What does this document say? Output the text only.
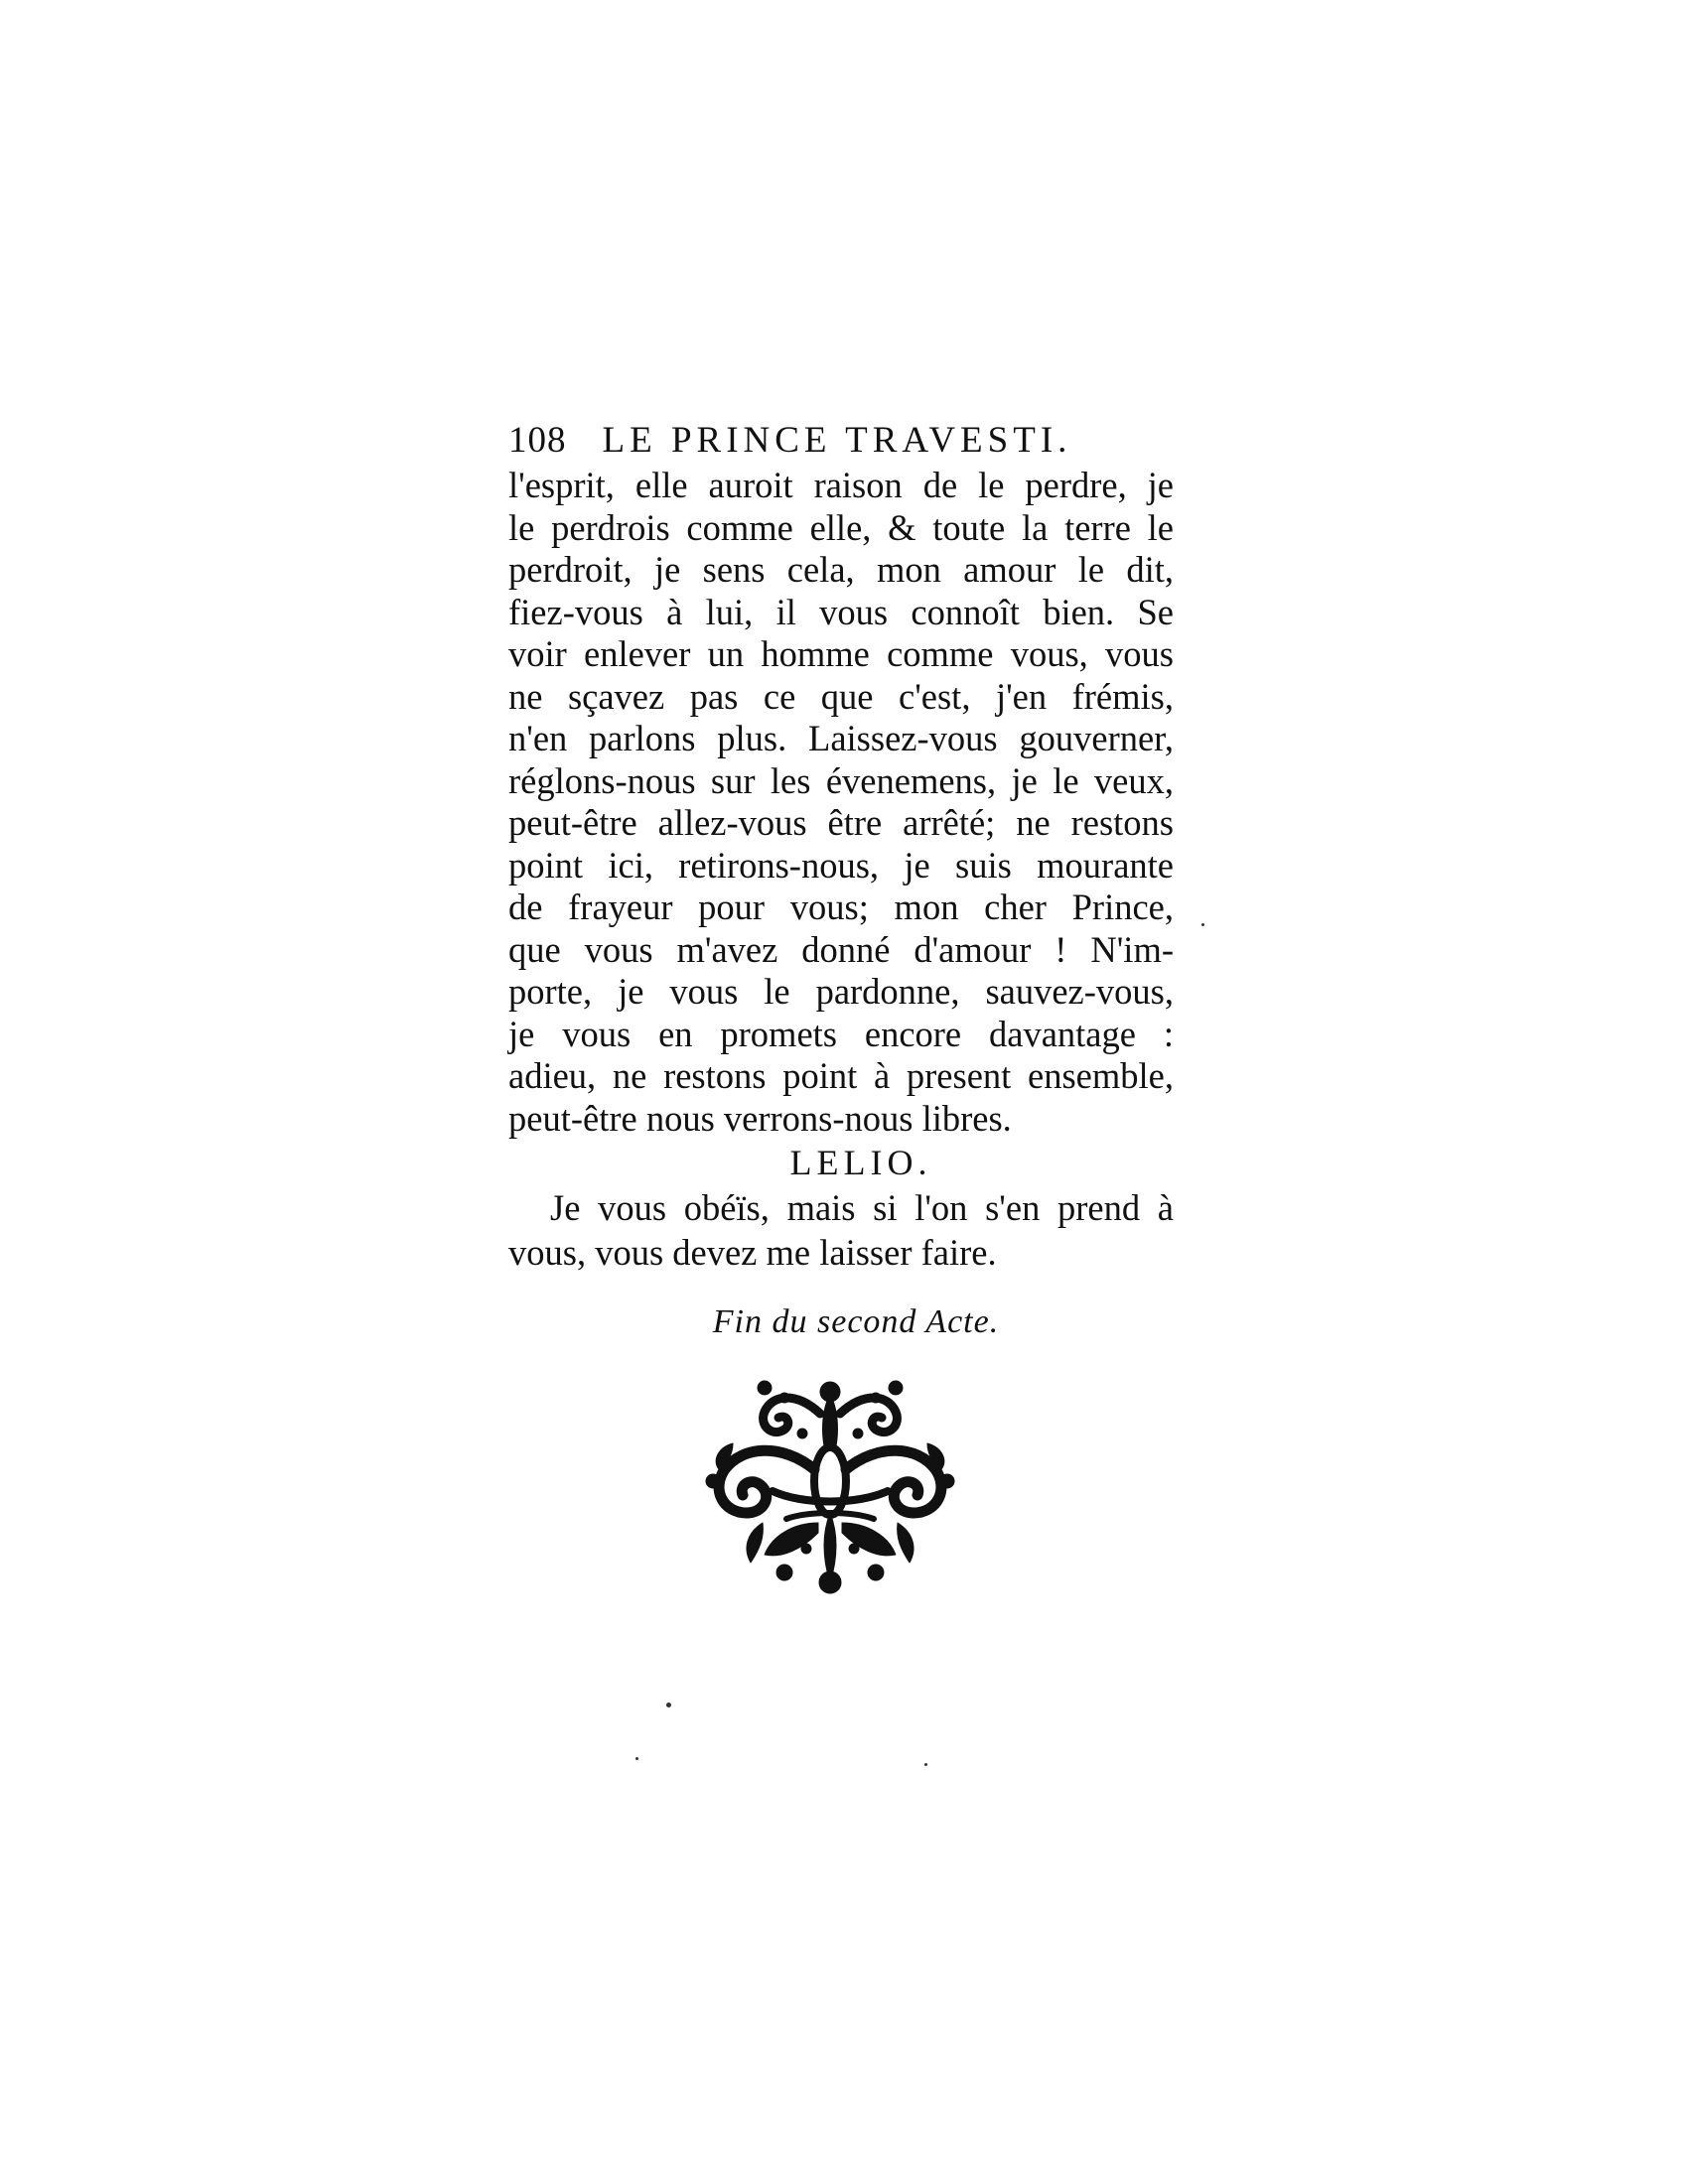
108 LE PRINCE TRAVESTI.
l'esprit, elle auroit raison de le perdre, je
le perdrois comme elle, & toute la terre le
perdroit, je sens cela, mon amour le dit,
fiez-vous à lui, il vous connoît bien. Se
voir enlever un homme comme vous, vous
ne sçavez pas ce que c'est, j'en frémis,
n'en parlons plus. Laissez-vous gouverner,
réglons-nous sur les évenemens, je le veux,
peut-être allez-vous être arrêté; ne restons
point ici, retirons-nous, je suis mourante
de frayeur pour vous; mon cher Prince,
que vous m'avez donné d'amour ! N'im-
porte, je vous le pardonne, sauvez-vous,
je vous en promets encore davantage :
adieu, ne restons point à present ensemble,
peut-être nous verrons-nous libres.
LELIO.
Je vous obéïs, mais si l'on s'en prend à
vous, vous devez me laisser faire.
Fin du second Acte.
